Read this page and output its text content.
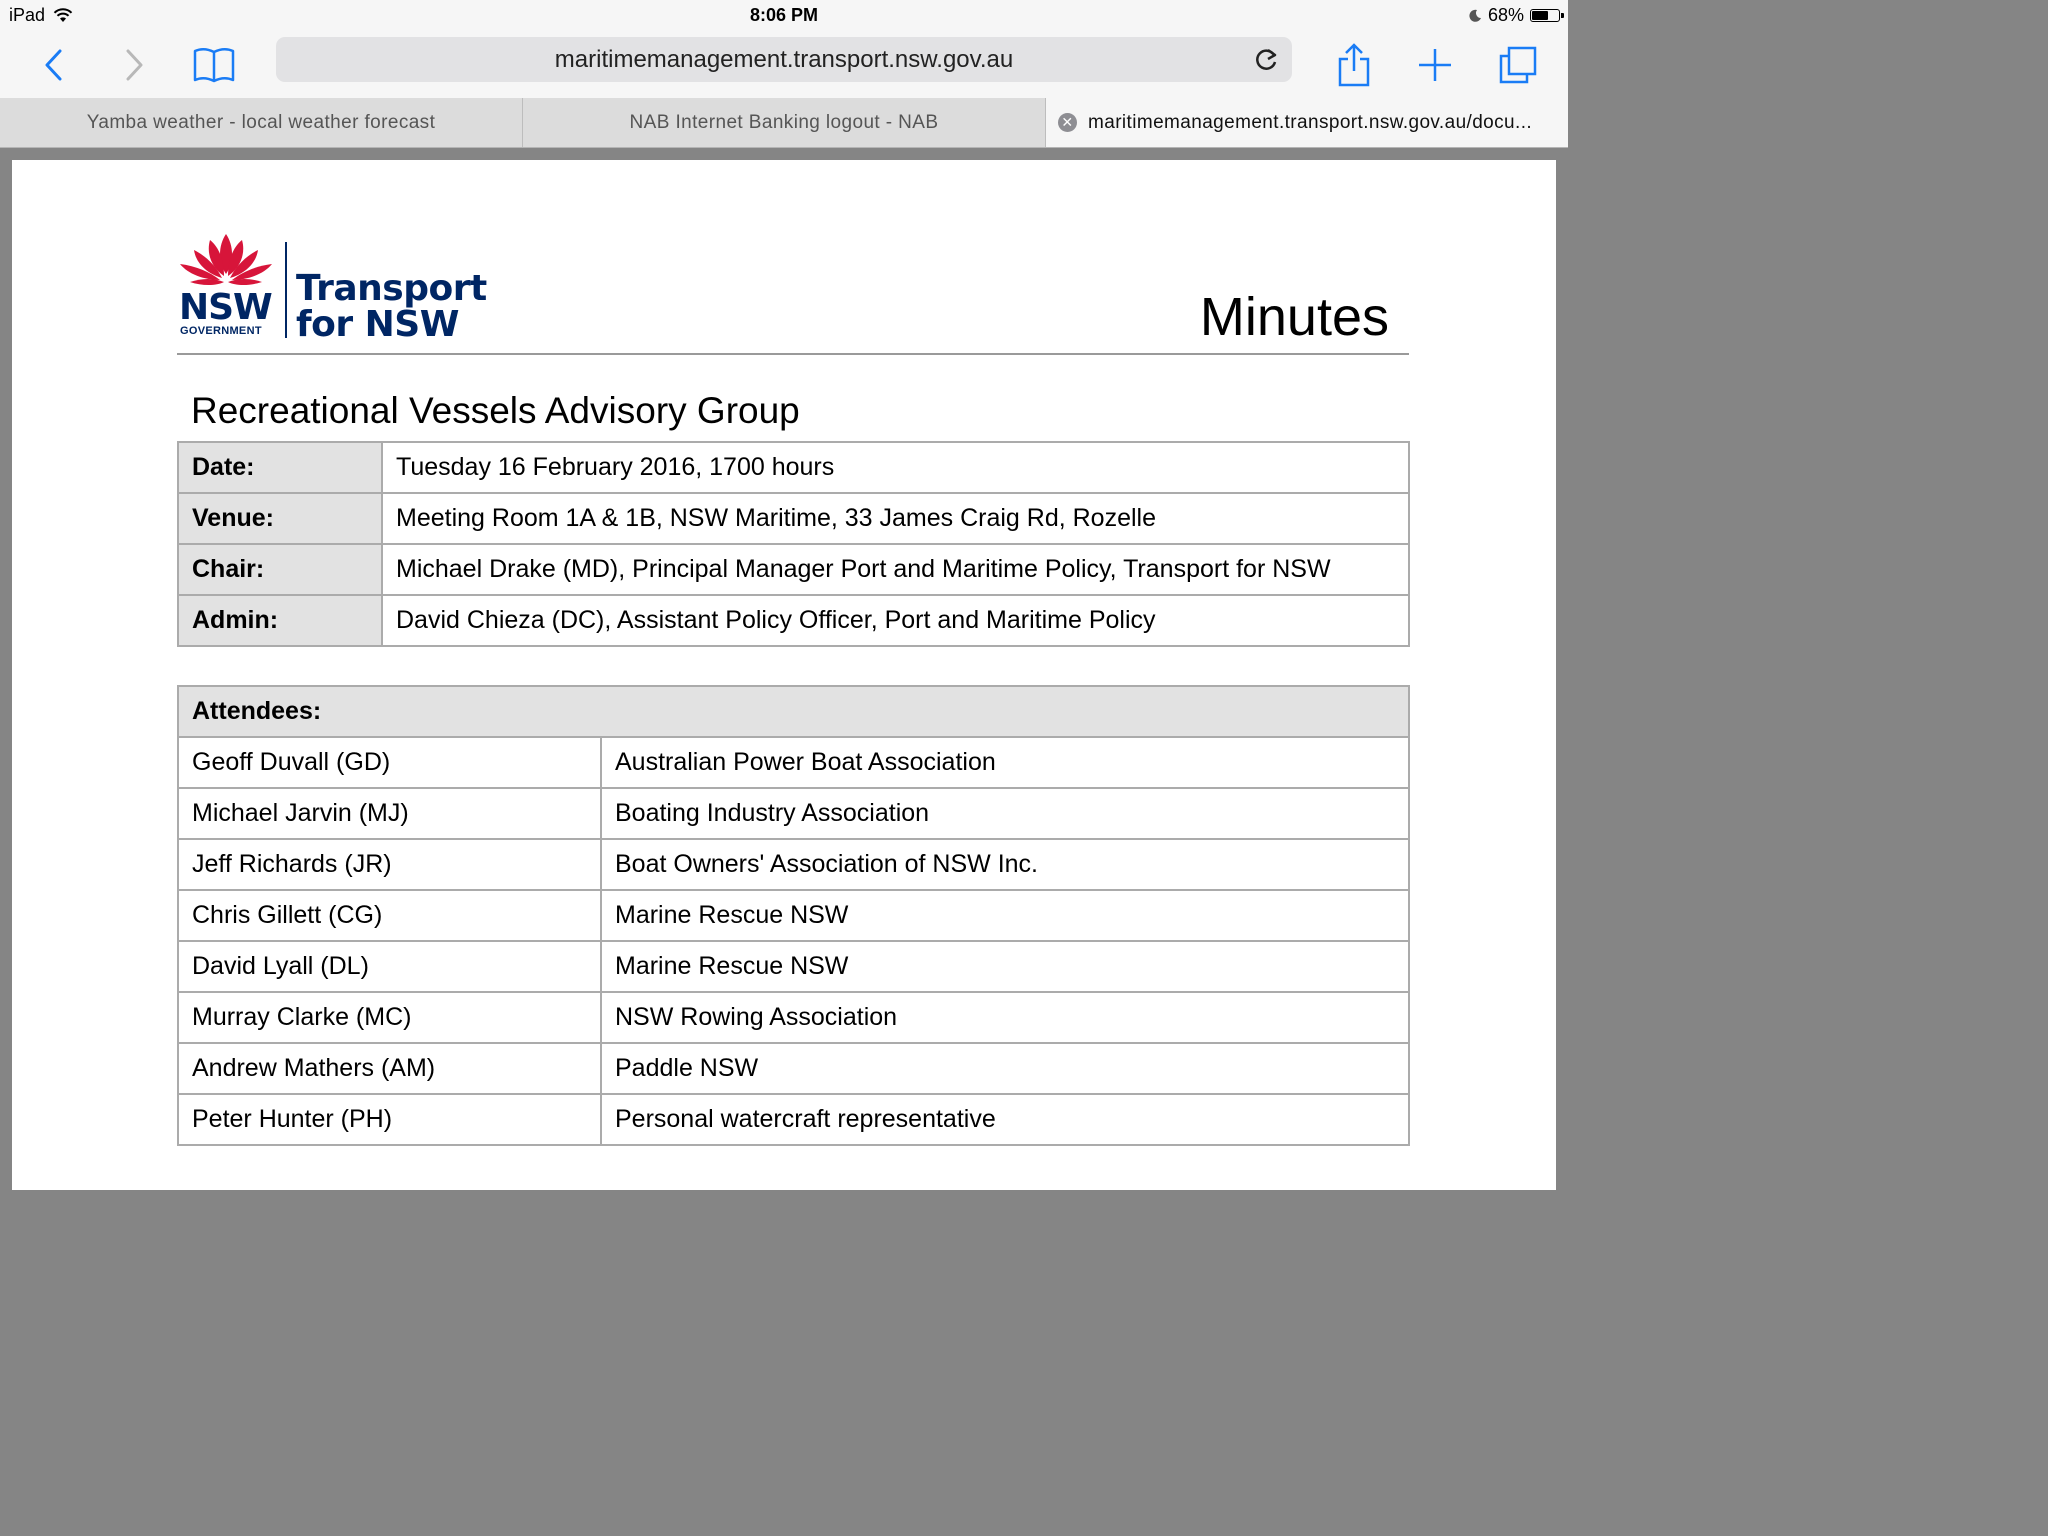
iPad	8:06 PM	68%
maritimemanagement.transport.nsw.gov.au
Yamba weather - local weather forecast	NAB Internet Banking logout - NAB	✕ maritimemanagement.transport.nsw.gov.au/docu...
NSW
GOVERNMENT
Transport
for NSW	Minutes
Recreational Vessels Advisory Group
Date:	Tuesday 16 February 2016, 1700 hours
Venue:	Meeting Room 1A & 1B, NSW Maritime, 33 James Craig Rd, Rozelle
Chair:	Michael Drake (MD), Principal Manager Port and Maritime Policy, Transport for NSW
Admin:	David Chieza (DC), Assistant Policy Officer, Port and Maritime Policy
Attendees:	
Geoff Duvall (GD)	Australian Power Boat Association
Michael Jarvin (MJ)	Boating Industry Association
Jeff Richards (JR)	Boat Owners' Association of NSW Inc.
Chris Gillett (CG)	Marine Rescue NSW
David Lyall (DL)	Marine Rescue NSW
Murray Clarke (MC)	NSW Rowing Association
Andrew Mathers (AM)	Paddle NSW
Peter Hunter (PH)	Personal watercraft representative
